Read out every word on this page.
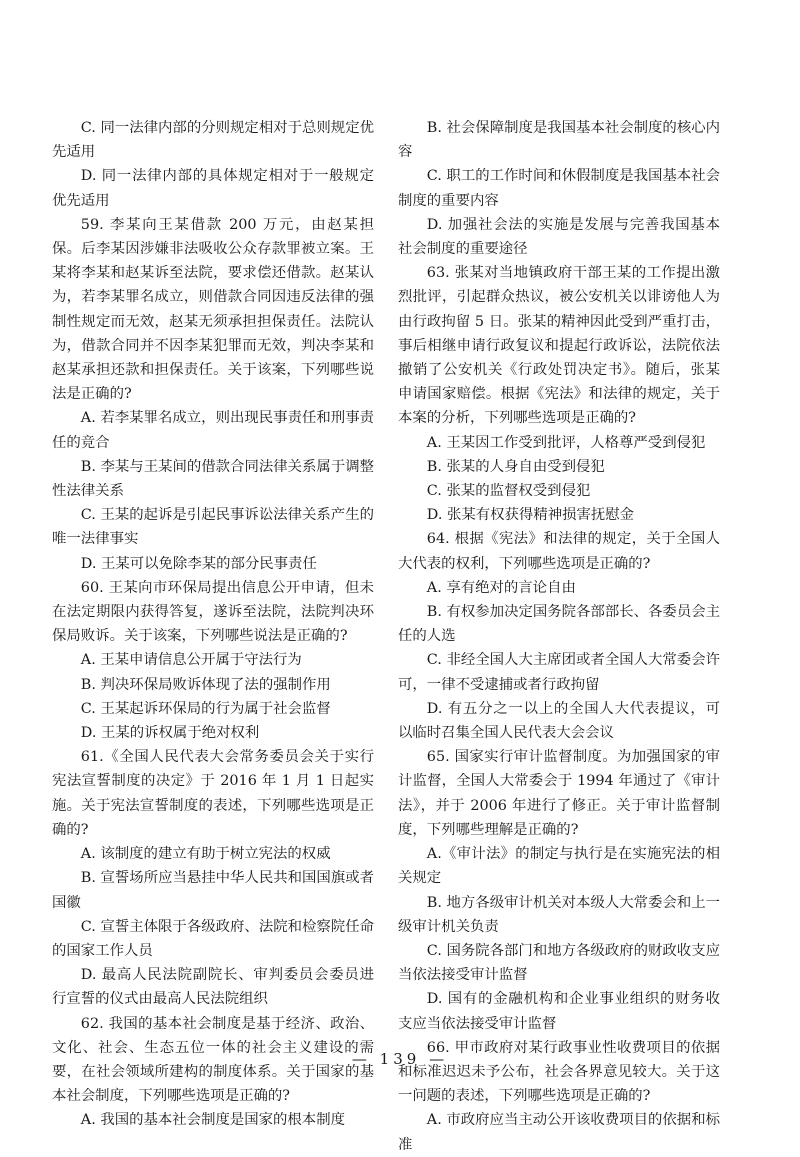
C. 同一法律内部的分则规定相对于总则规定优先适用

D. 同一法律内部的具体规定相对于一般规定优先适用

59. 李某向王某借款 200 万元，由赵某担保。后李某因涉嫌非法吸收公众存款罪被立案。王某将李某和赵某诉至法院，要求偿还借款。赵某认为，若李某罪名成立，则借款合同因违反法律的强制性规定而无效，赵某无须承担担保责任。法院认为，借款合同并不因李某犯罪而无效，判决李某和赵某承担还款和担保责任。关于该案，下列哪些说法是正确的?

A. 若李某罪名成立，则出现民事责任和刑事责任的竞合

B. 李某与王某间的借款合同法律关系属于调整性法律关系

C. 王某的起诉是引起民事诉讼法律关系产生的唯一法律事实

D. 王某可以免除李某的部分民事责任

60. 王某向市环保局提出信息公开申请，但未在法定期限内获得答复，遂诉至法院，法院判决环保局败诉。关于该案，下列哪些说法是正确的?

A. 王某申请信息公开属于守法行为

B. 判决环保局败诉体现了法的强制作用

C. 王某起诉环保局的行为属于社会监督

D. 王某的诉权属于绝对权利

61.《全国人民代表大会常务委员会关于实行宪法宣誓制度的决定》于 2016 年 1 月 1 日起实施。关于宪法宣誓制度的表述，下列哪些选项是正确的?

A. 该制度的建立有助于树立宪法的权威

B. 宣誓场所应当悬挂中华人民共和国国旗或者国徽

C. 宣誓主体限于各级政府、法院和检察院任命的国家工作人员

D. 最高人民法院副院长、审判委员会委员进行宣誓的仪式由最高人民法院组织

62. 我国的基本社会制度是基于经济、政治、文化、社会、生态五位一体的社会主义建设的需要，在社会领域所建构的制度体系。关于国家的基本社会制度，下列哪些选项是正确的?

A. 我国的基本社会制度是国家的根本制度

B. 社会保障制度是我国基本社会制度的核心内容

C. 职工的工作时间和休假制度是我国基本社会制度的重要内容

D. 加强社会法的实施是发展与完善我国基本社会制度的重要途径

63. 张某对当地镇政府干部王某的工作提出激烈批评，引起群众热议，被公安机关以诽谤他人为由行政拘留 5 日。张某的精神因此受到严重打击，事后相继申请行政复议和提起行政诉讼，法院依法撤销了公安机关《行政处罚决定书》。随后，张某申请国家赔偿。根据《宪法》和法律的规定，关于本案的分析，下列哪些选项是正确的?

A. 王某因工作受到批评，人格尊严受到侵犯

B. 张某的人身自由受到侵犯

C. 张某的监督权受到侵犯

D. 张某有权获得精神损害抚慰金

64. 根据《宪法》和法律的规定，关于全国人大代表的权利，下列哪些选项是正确的?

A. 享有绝对的言论自由

B. 有权参加决定国务院各部部长、各委员会主任的人选

C. 非经全国人大主席团或者全国人大常委会许可，一律不受逮捕或者行政拘留

D. 有五分之一以上的全国人大代表提议，可以临时召集全国人民代表大会会议

65. 国家实行审计监督制度。为加强国家的审计监督，全国人大常委会于 1994 年通过了《审计法》，并于 2006 年进行了修正。关于审计监督制度，下列哪些理解是正确的?

A.《审计法》的制定与执行是在实施宪法的相关规定

B. 地方各级审计机关对本级人大常委会和上一级审计机关负责

C. 国务院各部门和地方各级政府的财政收支应当依法接受审计监督

D. 国有的金融机构和企业事业组织的财务收支应当依法接受审计监督

66. 甲市政府对某行政事业性收费项目的依据和标准迟迟未予公布，社会各界意见较大。关于这一问题的表述，下列哪些选项是正确的?

A. 市政府应当主动公开该收费项目的依据和标准

— 139 —
